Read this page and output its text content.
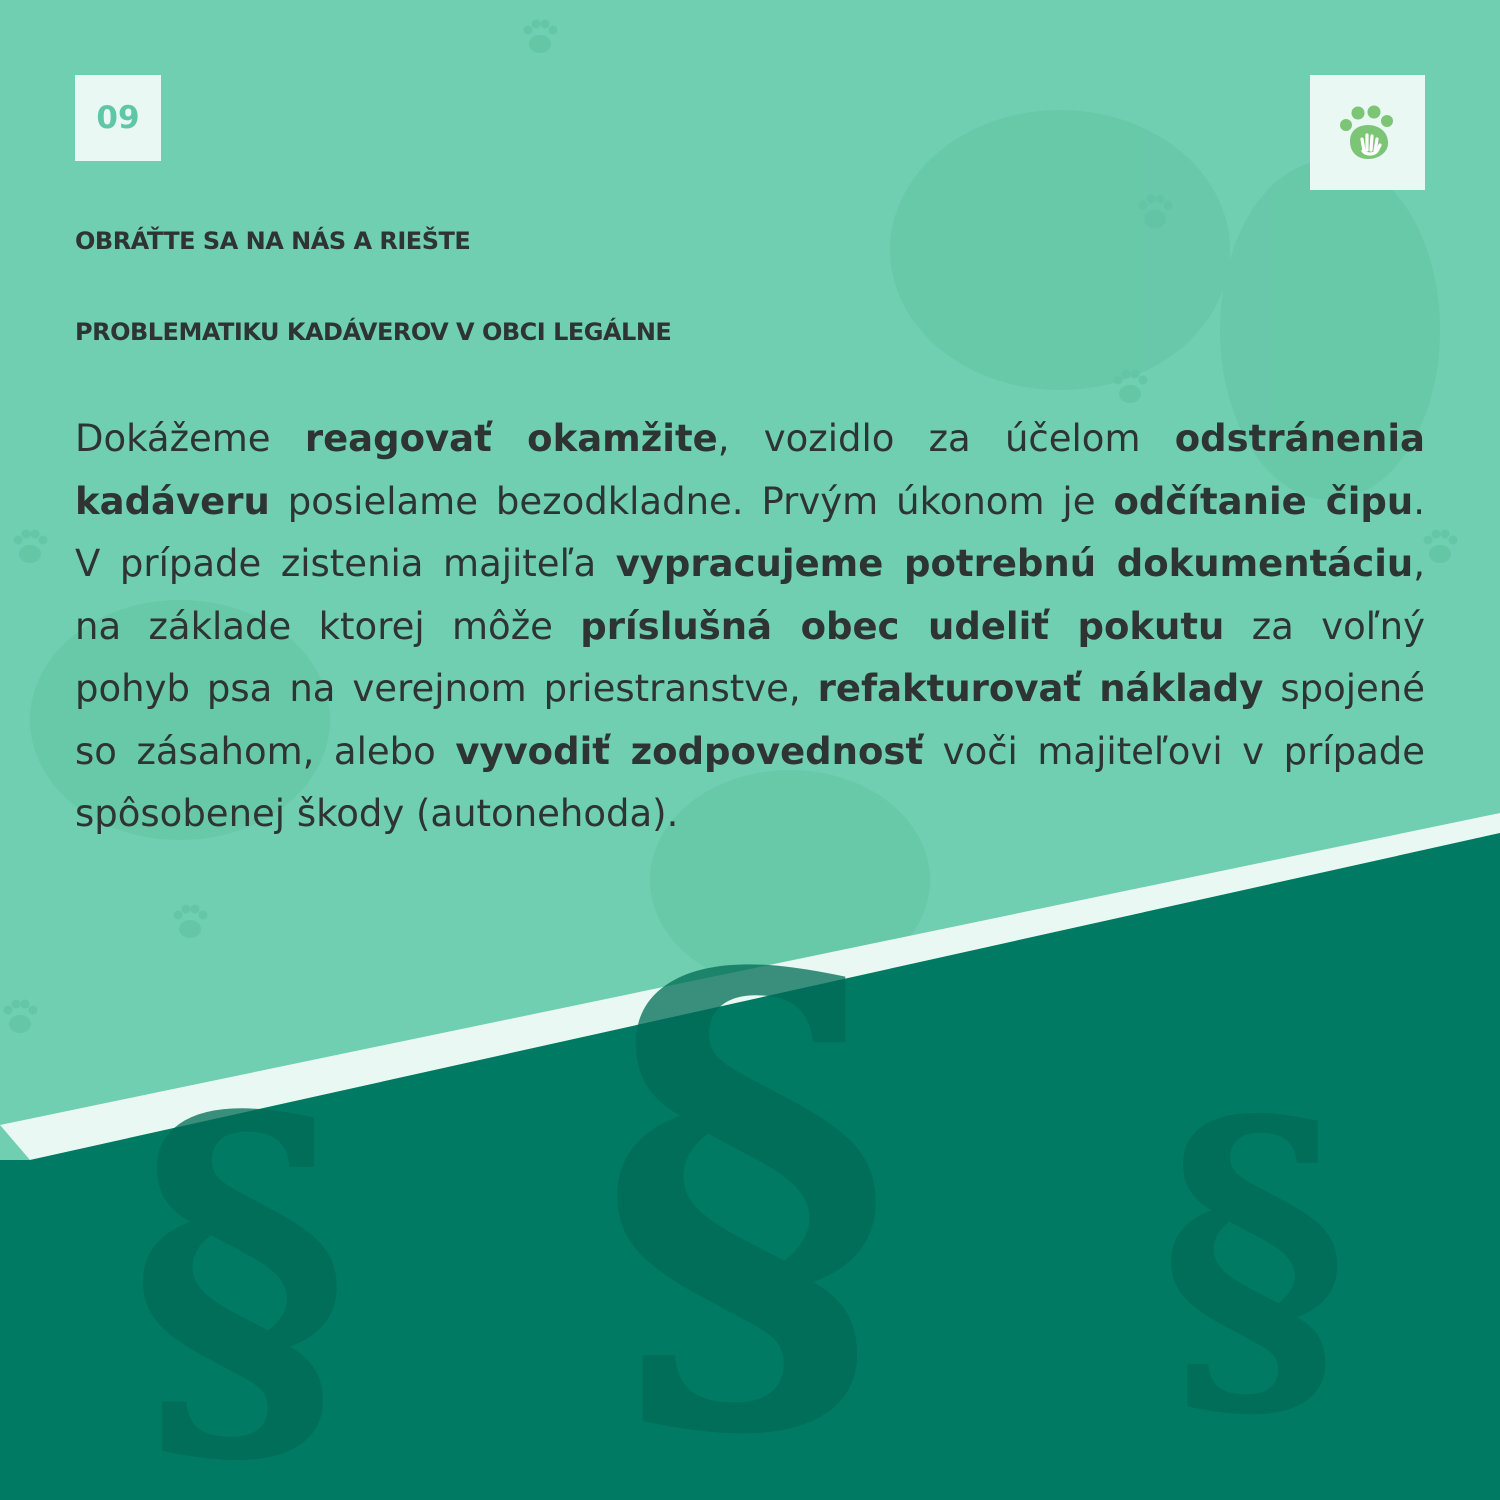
§ § §
09
OBRÁŤTE SA NA NÁS A RIEŠTE
PROBLEMATIKU KADÁVEROV V OBCI LEGÁLNE
Dokážeme reagovať okamžite, vozidlo za účelom odstránenia
kadáveru posielame bezodkladne. Prvým úkonom je odčítanie čipu.
V prípade zistenia majiteľa vypracujeme potrebnú dokumentáciu,
na základe ktorej môže príslušná obec udeliť pokutu za voľný
pohyb psa na verejnom priestranstve, refakturovať náklady spojené
so zásahom, alebo vyvodiť zodpovednosť voči majiteľovi v prípade
spôsobenej škody (autonehoda).
